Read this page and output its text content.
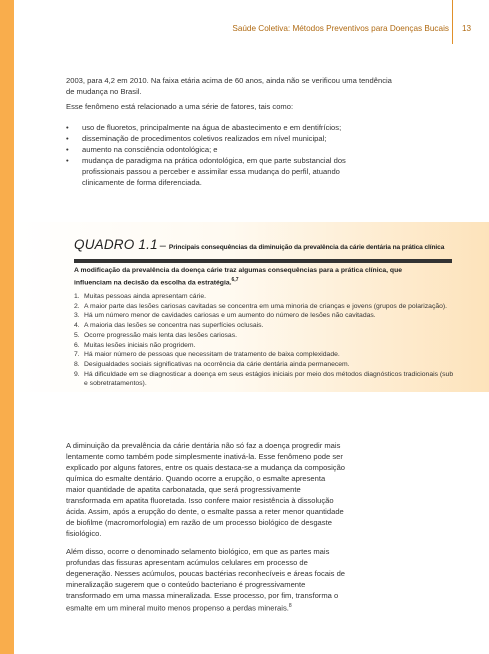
Saúde Coletiva: Métodos Preventivos para Doenças Bucais 13

2003, para 4,2 em 2010. Na faixa etária acima de 60 anos, ainda não se verificou uma tendência de mudança no Brasil.

Esse fenômeno está relacionado a uma série de fatores, tais como:

• uso de fluoretos, principalmente na água de abastecimento e em dentifrícios;
• disseminação de procedimentos coletivos realizados em nível municipal;
• aumento na consciência odontológica; e
• mudança de paradigma na prática odontológica, em que parte substancial dos profissionais passou a perceber e assimilar essa mudança do perfil, atuando clinicamente de forma diferenciada.
QUADRO 1.1 – Principais consequências da diminuição da prevalência da cárie dentária na prática clínica

A modificação da prevalência da doença cárie traz algumas consequências para a prática clínica, que influenciam na decisão da escolha da estratégia.$^{6,7}$

1. Muitas pessoas ainda apresentam cárie.
2. A maior parte das lesões cariosas cavitadas se concentra em uma minoria de crianças e jovens (grupos de polarização).
3. Há um número menor de cavidades cariosas e um aumento do número de lesões não cavitadas.
4. A maioria das lesões se concentra nas superfícies oclusais.
5. Ocorre progressão mais lenta das lesões cariosas.
6. Muitas lesões iniciais não progridem.
7. Há maior número de pessoas que necessitam de tratamento de baixa complexidade.
8. Desigualdades sociais significativas na ocorrência da cárie dentária ainda permanecem.
9. Há dificuldade em se diagnosticar a doença em seus estágios iniciais por meio dos métodos diagnósticos tradicionais (sub e sobretratamentos).

A diminuição da prevalência da cárie dentária não só faz a doença progredir mais lentamente como também pode simplesmente inativá-la. Esse fenômeno pode ser explicado por alguns fatores, entre os quais destaca-se a mudança da composição química do esmalte dentário. Quando ocorre a erupção, o esmalte apresenta maior quantidade de apatita carbonatada, que será progressivamente transformada em apatita fluoretada. Isso confere maior resistência à dissolução ácida. Assim, após a erupção do dente, o esmalte passa a reter menor quantidade de biofilme (macromorfologia) em razão de um processo biológico de desgaste fisiológico.

Além disso, ocorre o denominado selamento biológico, em que as partes mais profundas das fissuras apresentam acúmulos celulares em processo de degeneração. Nesses acúmulos, poucas bactérias reconhecíveis e áreas focais de mineralização sugerem que o conteúdo bacteriano é progressivamente transformado em uma massa mineralizada. Esse processo, por fim, transforma o esmalte em um mineral muito menos propenso a perdas minerais.$^8$
